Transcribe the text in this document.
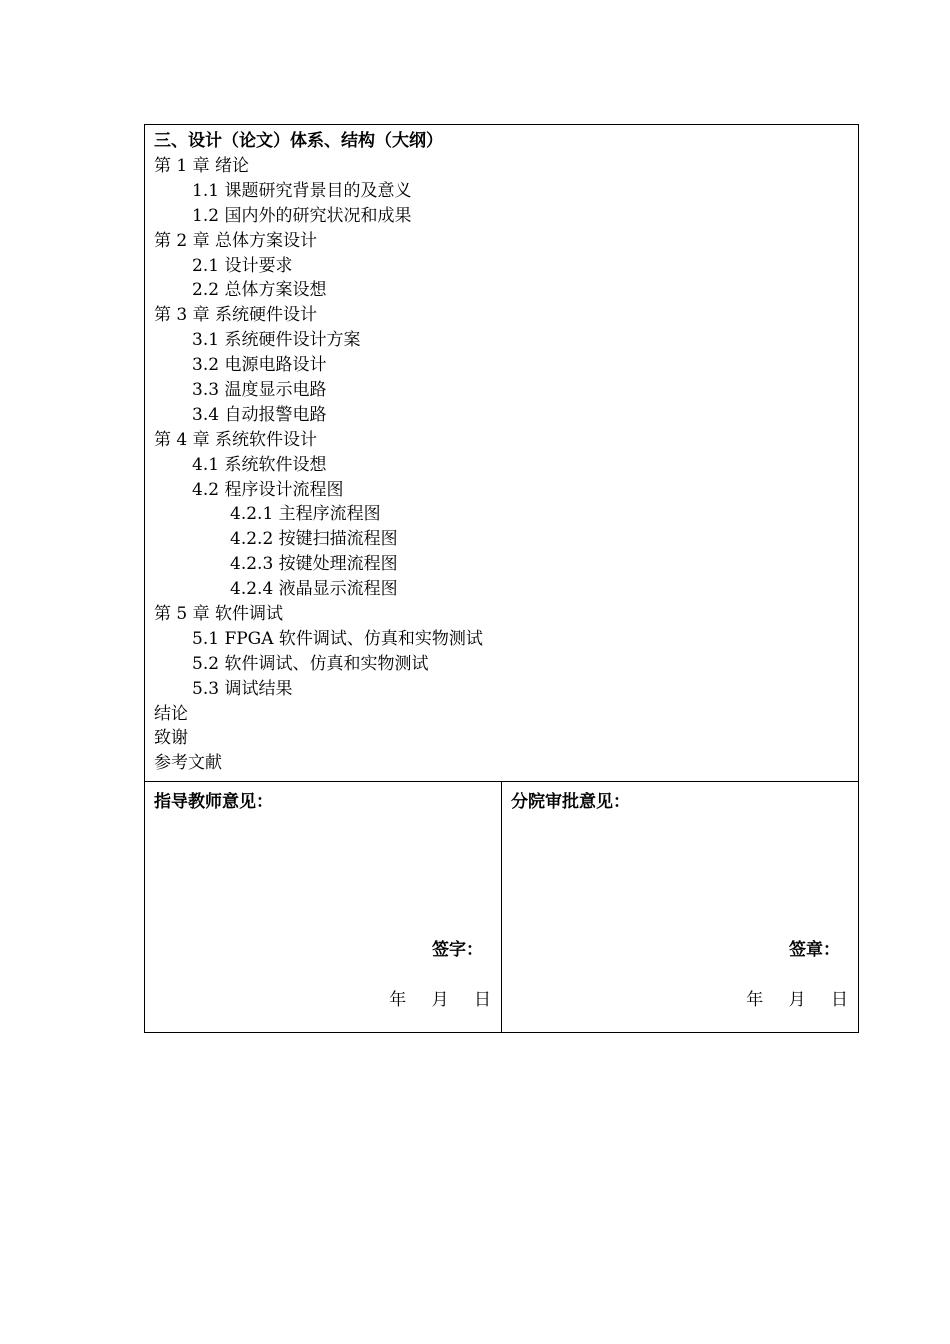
三、设计（论文）体系、结构（大纲）
第 1 章 绪论
1.1 课题研究背景目的及意义
1.2 国内外的研究状况和成果
第 2 章 总体方案设计
2.1 设计要求
2.2 总体方案设想
第 3 章 系统硬件设计
3.1 系统硬件设计方案
3.2 电源电路设计
3.3 温度显示电路
3.4 自动报警电路
第 4 章 系统软件设计
4.1 系统软件设想
4.2 程序设计流程图
4.2.1 主程序流程图
4.2.2 按键扫描流程图
4.2.3 按键处理流程图
4.2.4 液晶显示流程图
第 5 章 软件调试
5.1 FPGA 软件调试、仿真和实物测试
5.2 软件调试、仿真和实物测试
5.3 调试结果
结论
致谢
参考文献

指导教师意见：
签字：
年 月 日

分院审批意见：
签章：
年 月 日
